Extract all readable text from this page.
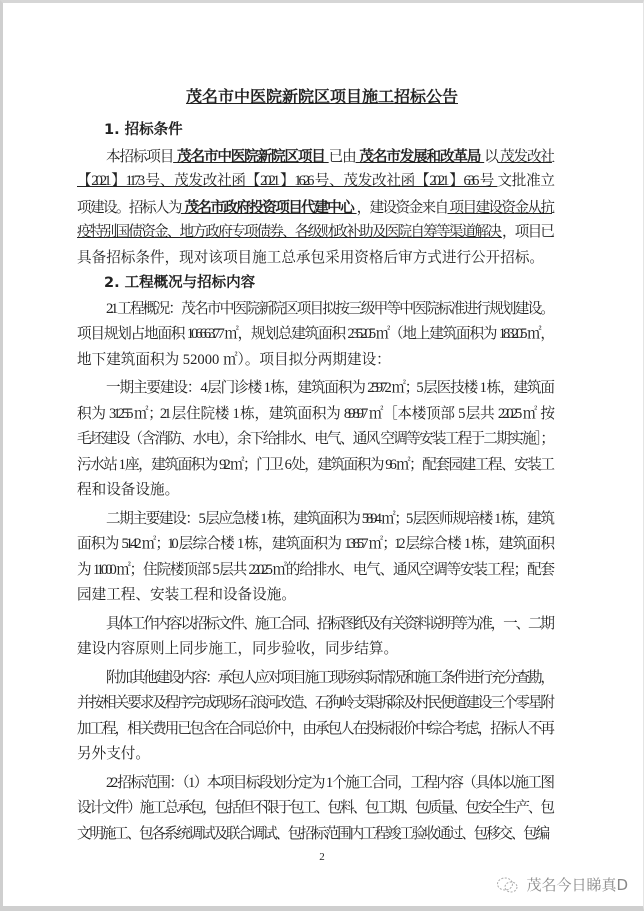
茂名市中医院新院区项目施工招标公告
1. 招标条件
本招标项目 茂名市中医院新院区项目 已由 茂名市发展和改革局 以 茂发改社
【2021】1173 号、茂发改社函【2021】1626 号、茂发改社函【2021】636 号 文批准立
项建设。招标人为 茂名市政府投资项目代建中心 ，建设资金来自 项目建设资金从抗
疫特别国债资金、地方政府专项债券、各级财政补助及医院自筹等渠道解决 ，项目已
具备招标条件，现对该项目施工总承包采用资格后审方式进行公开招标。
2. 工程概况与招标内容
2.1 工程概况：茂名市中医院新院区项目拟按三级甲等中医院标准进行规划建设。
项目规划占地面积 106663.77 ㎡，规划总建筑面积 235205 ㎡（地上建筑面积为 183205 ㎡，
地下建筑面积为 52000 ㎡）。项目拟分两期建设：
一期主要建设：4 层门诊楼 1 栋，建筑面积为 25972 ㎡；5 层医技楼 1 栋，建筑面
积为 31255 ㎡；21 层住院楼 1 栋，建筑面积为 89897 ㎡［本楼顶部 5 层共 22025 ㎡ 按
毛坯建设（含消防、水电），余下给排水、电气、通风 空调等安装工程于二期实施］；
污水站 1 座，建筑面积为 92 ㎡；门卫 6 处，建筑面积为 96 ㎡；配套园建工程、安装工
程和设备设施。
二期主要建设：5 层应急楼 1 栋，建筑面积为 5894 ㎡；5 层医师规培楼 1 栋，建筑
面积为 5142 ㎡；10 层综合楼 1 栋，建筑面积为 13857 ㎡；12 层综合楼 1 栋，建筑面积
为 11000 ㎡；住院楼顶部 5 层共 22025 ㎡的给排水、电气、通风空调等安装工程；配套
园建工程、安装工程和设备设施。
具体工作内容以招标文件、施工合同、招标图纸及有关资料说明等为准，一、二期
建设内容原则上同步施工，同步验收，同步结算。
附加其他建设内容：承包人应对项目施工现场实际情况和施工条件进行充分查勘，
并按相关要求及程序完成现场石浪河改造、石狗岭支渠拆除及村民便道建设三个零星附
加工程，相关费用已包含在合同总价中，由承包人在投标报价中综合考虑，招标人不再
另外支付。
2.2 招标范围：（1）本项目标段划分定为 1 个施工合同，工程内容（具体以施工图
设计文件）施工总承包，包括但不限于包工、包料、包工期、包质量、包安全生产、包
文明施工、包各系统调试及联合调试、包招标范围内工程竣工验收通过、包移交、包编
2
茂名今日睇真D
